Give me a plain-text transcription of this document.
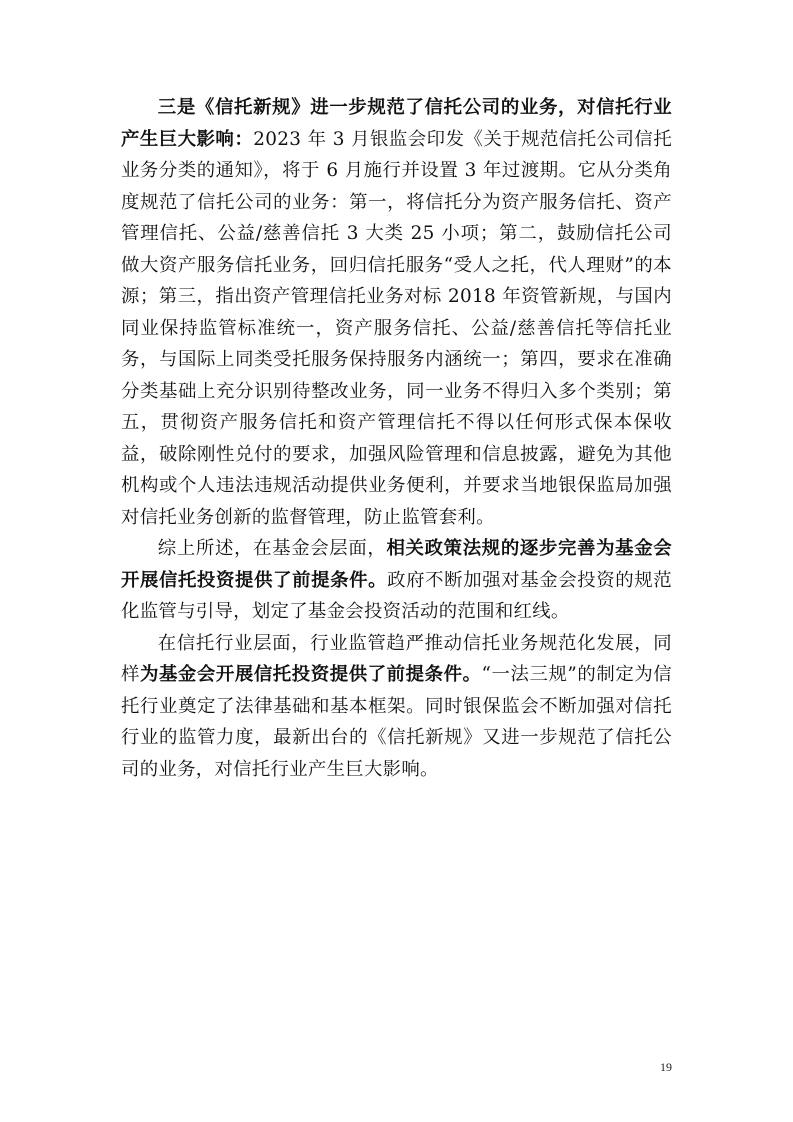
三是《信托新规》进一步规范了信托公司的业务，对信托行业产生巨大影响：2023 年 3 月银监会印发《关于规范信托公司信托业务分类的通知》，将于 6 月施行并设置 3 年过渡期。它从分类角度规范了信托公司的业务：第一，将信托分为资产服务信托、资产管理信托、公益/慈善信托 3 大类 25 小项；第二，鼓励信托公司做大资产服务信托业务，回归信托服务“受人之托，代人理财”的本源；第三，指出资产管理信托业务对标 2018 年资管新规，与国内同业保持监管标准统一，资产服务信托、公益/慈善信托等信托业务，与国际上同类受托服务保持服务内涵统一；第四，要求在准确分类基础上充分识别待整改业务，同一业务不得归入多个类别；第五，贯彻资产服务信托和资产管理信托不得以任何形式保本保收益，破除刚性兑付的要求，加强风险管理和信息披露，避免为其他机构或个人违法违规活动提供业务便利，并要求当地银保监局加强对信托业务创新的监督管理，防止监管套利。

综上所述，在基金会层面，相关政策法规的逐步完善为基金会开展信托投资提供了前提条件。政府不断加强对基金会投资的规范化监管与引导，划定了基金会投资活动的范围和红线。

在信托行业层面，行业监管趋严推动信托业务规范化发展，同样为基金会开展信托投资提供了前提条件。“一法三规”的制定为信托行业奠定了法律基础和基本框架。同时银保监会不断加强对信托行业的监管力度，最新出台的《信托新规》又进一步规范了信托公司的业务，对信托行业产生巨大影响。

19
